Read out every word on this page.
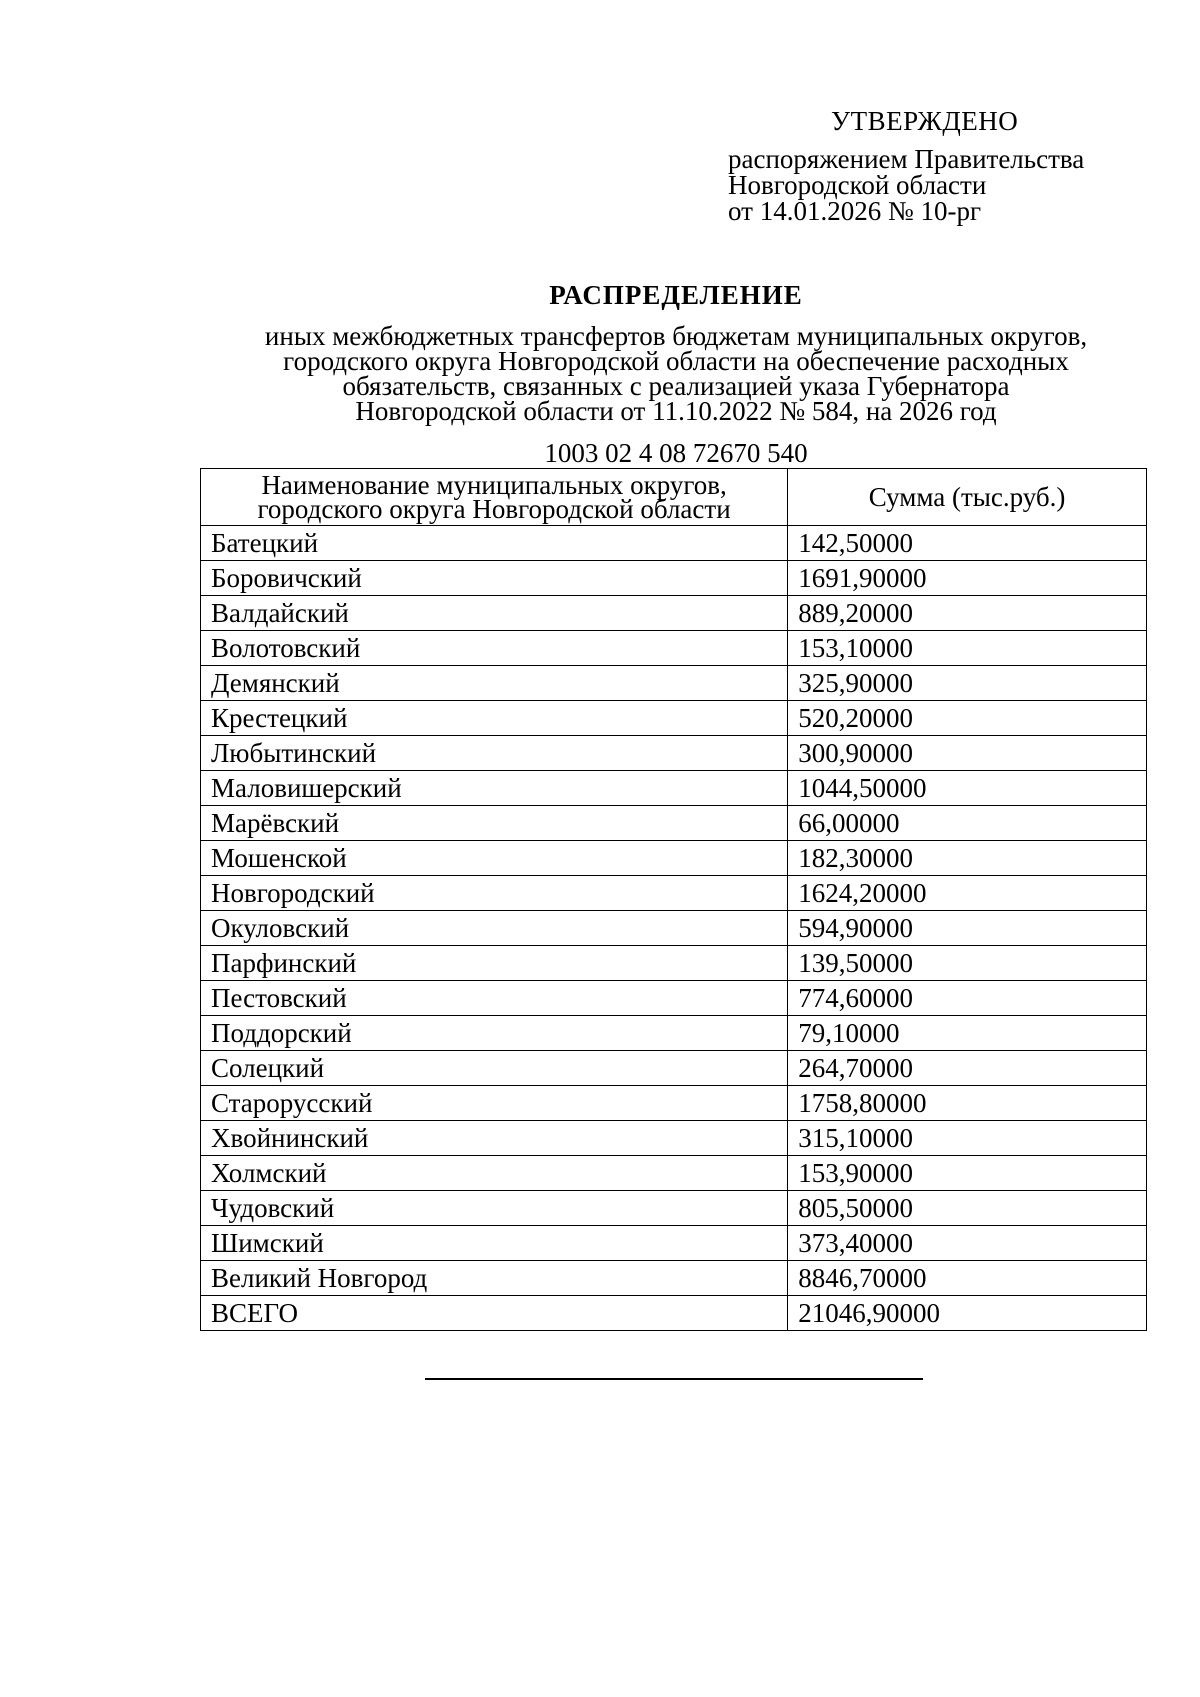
УТВЕРЖДЕНО
распоряжением Правительства
Новгородской области
от 14.01.2026 № 10-рг
РАСПРЕДЕЛЕНИЕ
иных межбюджетных трансфертов бюджетам муниципальных округов,
городского округа Новгородской области на обеспечение расходных
обязательств, связанных с реализацией указа Губернатора
Новгородской области от 11.10.2022 № 584, на 2026 год
1003 02 4 08 72670 540
Наименование муниципальных округов,
городского округа Новгородской области	Сумма (тыс.руб.)
Батецкий	142,50000
Боровичский	1691,90000
Валдайский	889,20000
Волотовский	153,10000
Демянский	325,90000
Крестецкий	520,20000
Любытинский	300,90000
Маловишерский	1044,50000
Марёвский	66,00000
Мошенской	182,30000
Новгородский	1624,20000
Окуловский	594,90000
Парфинский	139,50000
Пестовский	774,60000
Поддорский	79,10000
Солецкий	264,70000
Старорусский	1758,80000
Хвойнинский	315,10000
Холмский	153,90000
Чудовский	805,50000
Шимский	373,40000
Великий Новгород	8846,70000
ВСЕГО	21046,90000
